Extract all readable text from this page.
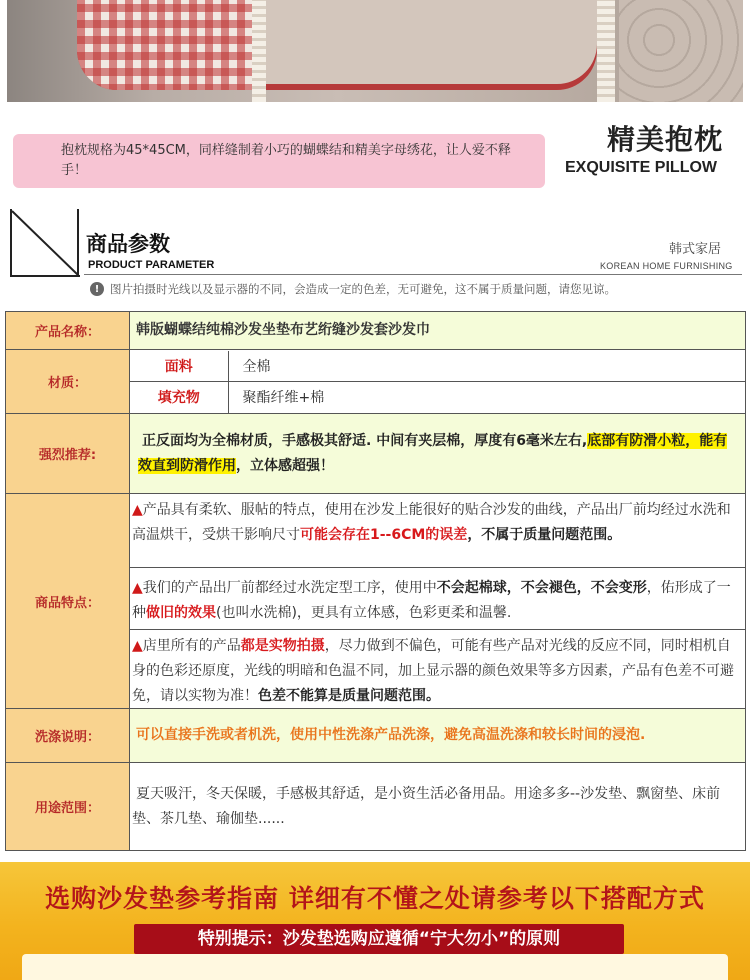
抱枕规格为45*45CM，同样缝制着小巧的蝴蝶结和精美字母绣花，让人爱不释手！
精美抱枕
EXQUISITE PILLOW
商品参数
PRODUCT PARAMETER
韩式家居
KOREAN HOME FURNISHING
! 图片拍摄时光线以及显示器的不同，会造成一定的色差，无可避免，这不属于质量问题，请您见谅。
产品名称：	韩版蝴蝶结纯棉沙发坐垫布艺绗缝沙发套沙发巾
材质：	
面料	全棉
填充物	聚酯纤维+棉

强烈推荐:	正反面均为全棉材质，手感极其舒适. 中间有夹层棉，厚度有6毫米左右,底部有防滑小粒，能有效直到防滑作用，立体感超强！
商品特点：	
▲产品具有柔软、服帖的特点，使用在沙发上能很好的贴合沙发的曲线，产品出厂前均经过水洗和高温烘干，受烘干影响尺寸可能会存在1--6CM的误差，不属于质量问题范围。
▲我们的产品出厂前都经过水洗定型工序，使用中不会起棉球，不会褪色，不会变形，佑形成了一种做旧的效果(也叫水洗棉)，更具有立体感，色彩更柔和温馨.
▲店里所有的产品都是实物拍摄，尽力做到不偏色，可能有些产品对光线的反应不同，同时相机自身的色彩还原度，光线的明暗和色温不同，加上显示器的颜色效果等多方因素，产品有色差不可避免，请以实物为准！色差不能算是质量问题范围。

洗涤说明：	可以直接手洗或者机洗，使用中性洗涤产品洗涤，避免高温洗涤和较长时间的浸泡.
用途范围：	夏天吸汗，冬天保暖，手感极其舒适，是小资生活必备用品。用途多多--沙发垫、飘窗垫、床前垫、茶几垫、瑜伽垫......
选购沙发垫参考指南 详细有不懂之处请参考以下搭配方式
特别提示：沙发垫选购应遵循“宁大勿小”的原则
